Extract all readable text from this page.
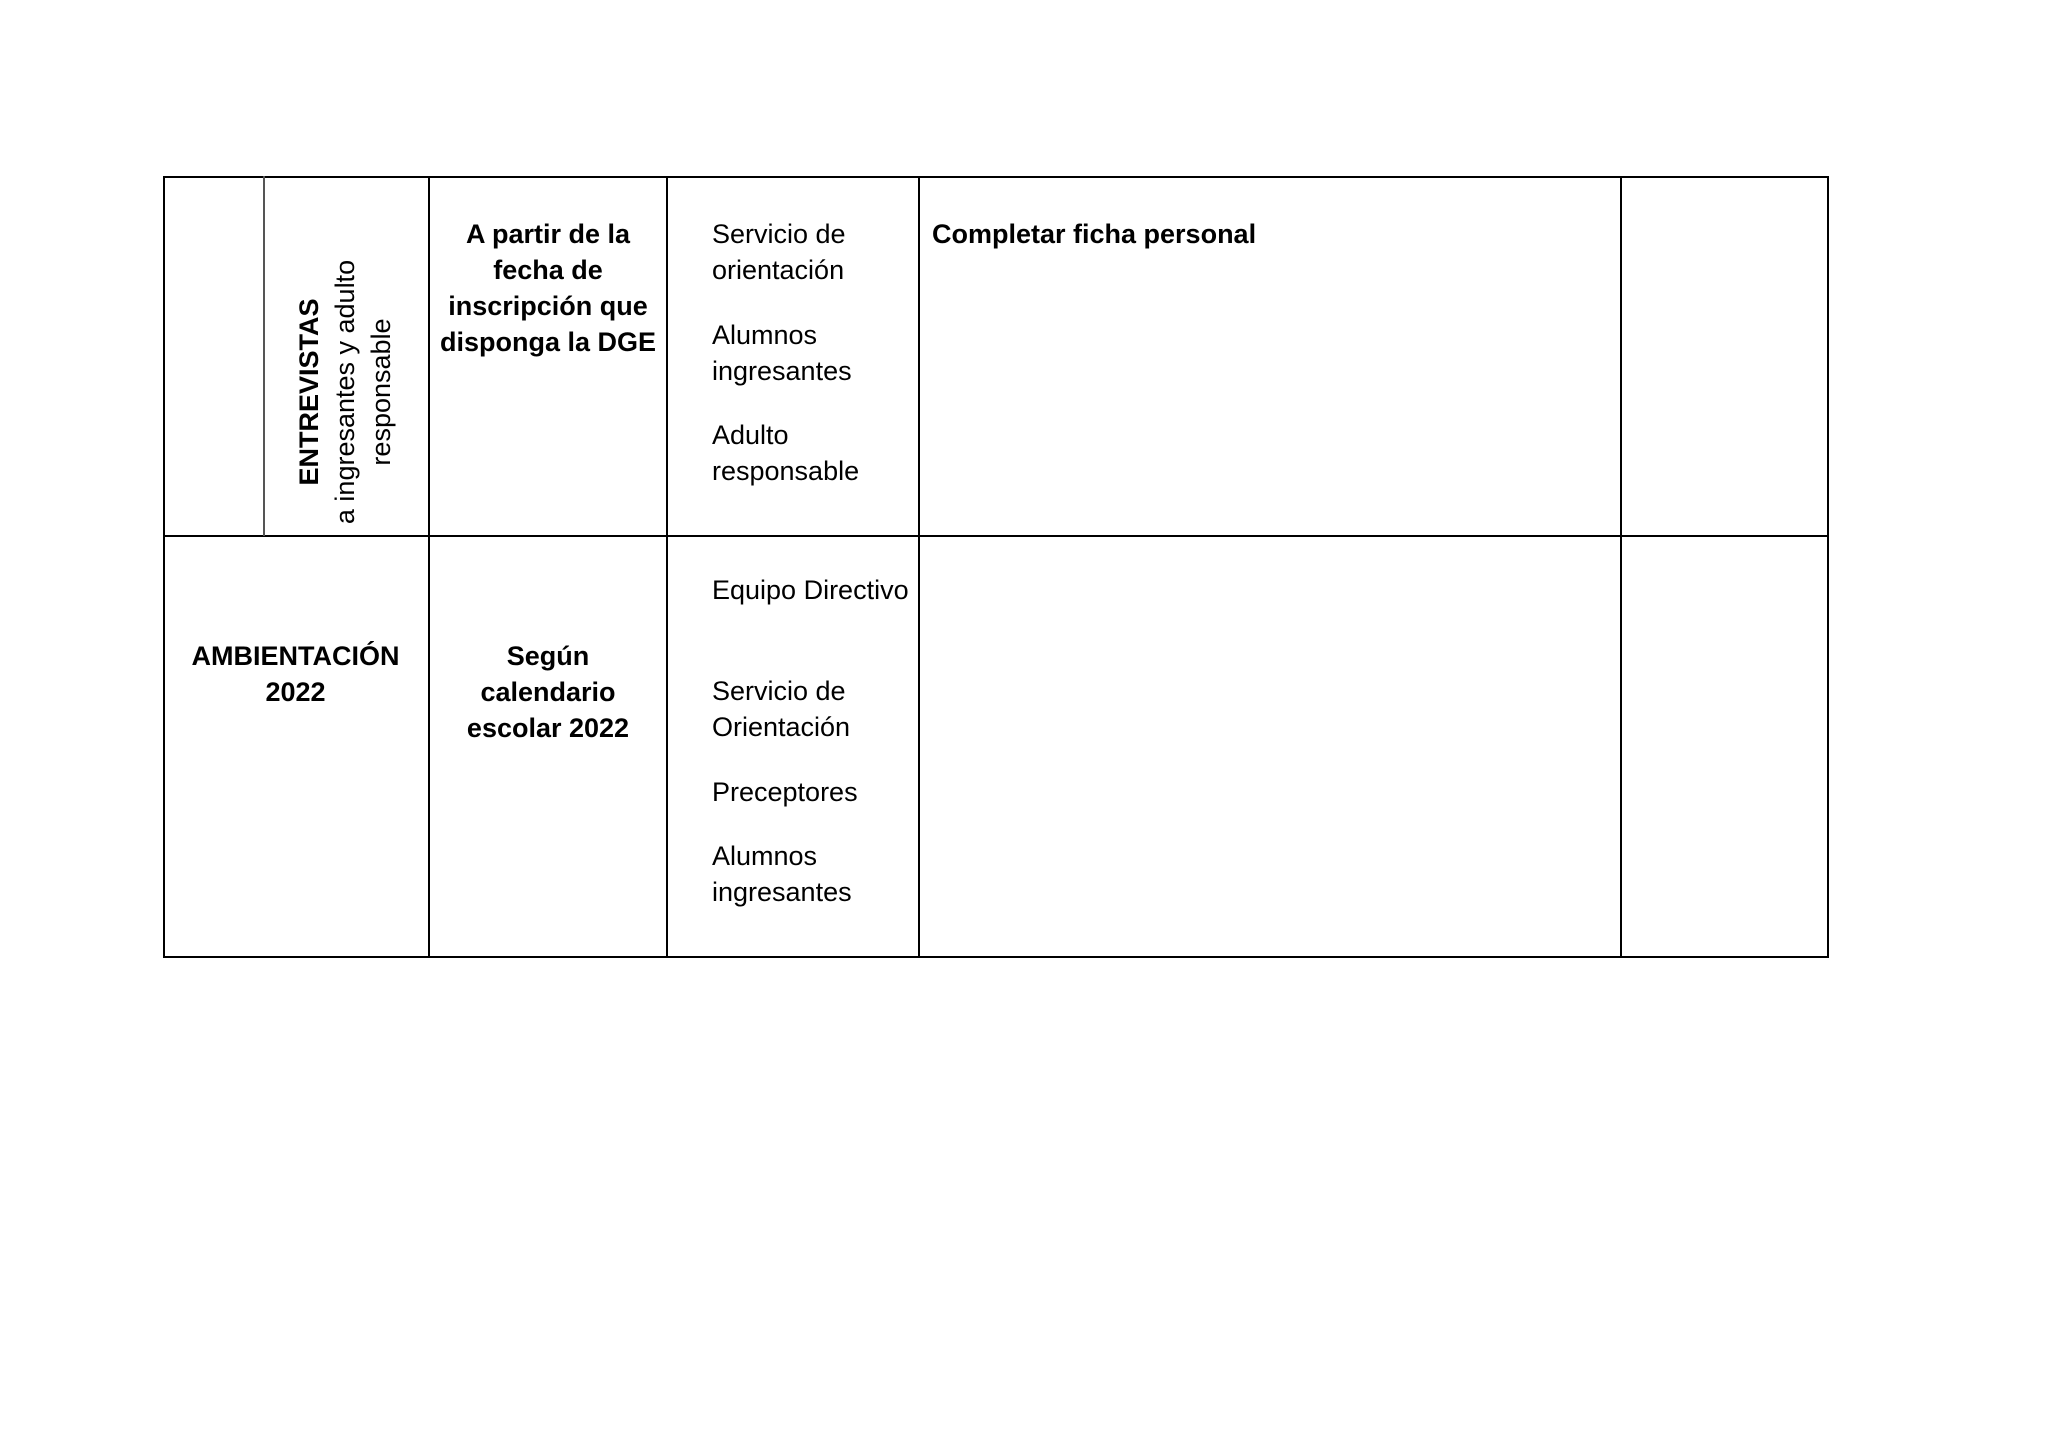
ENTREVISTAS a ingresantes y adulto responsable
A partir de la fecha de inscripción que disponga la DGE
Servicio de orientación
Alumnos ingresantes
Adulto responsable
Completar ficha personal
AMBIENTACIÓN 2022
Según calendario escolar 2022
Equipo Directivo
Servicio de Orientación
Preceptores
Alumnos ingresantes
